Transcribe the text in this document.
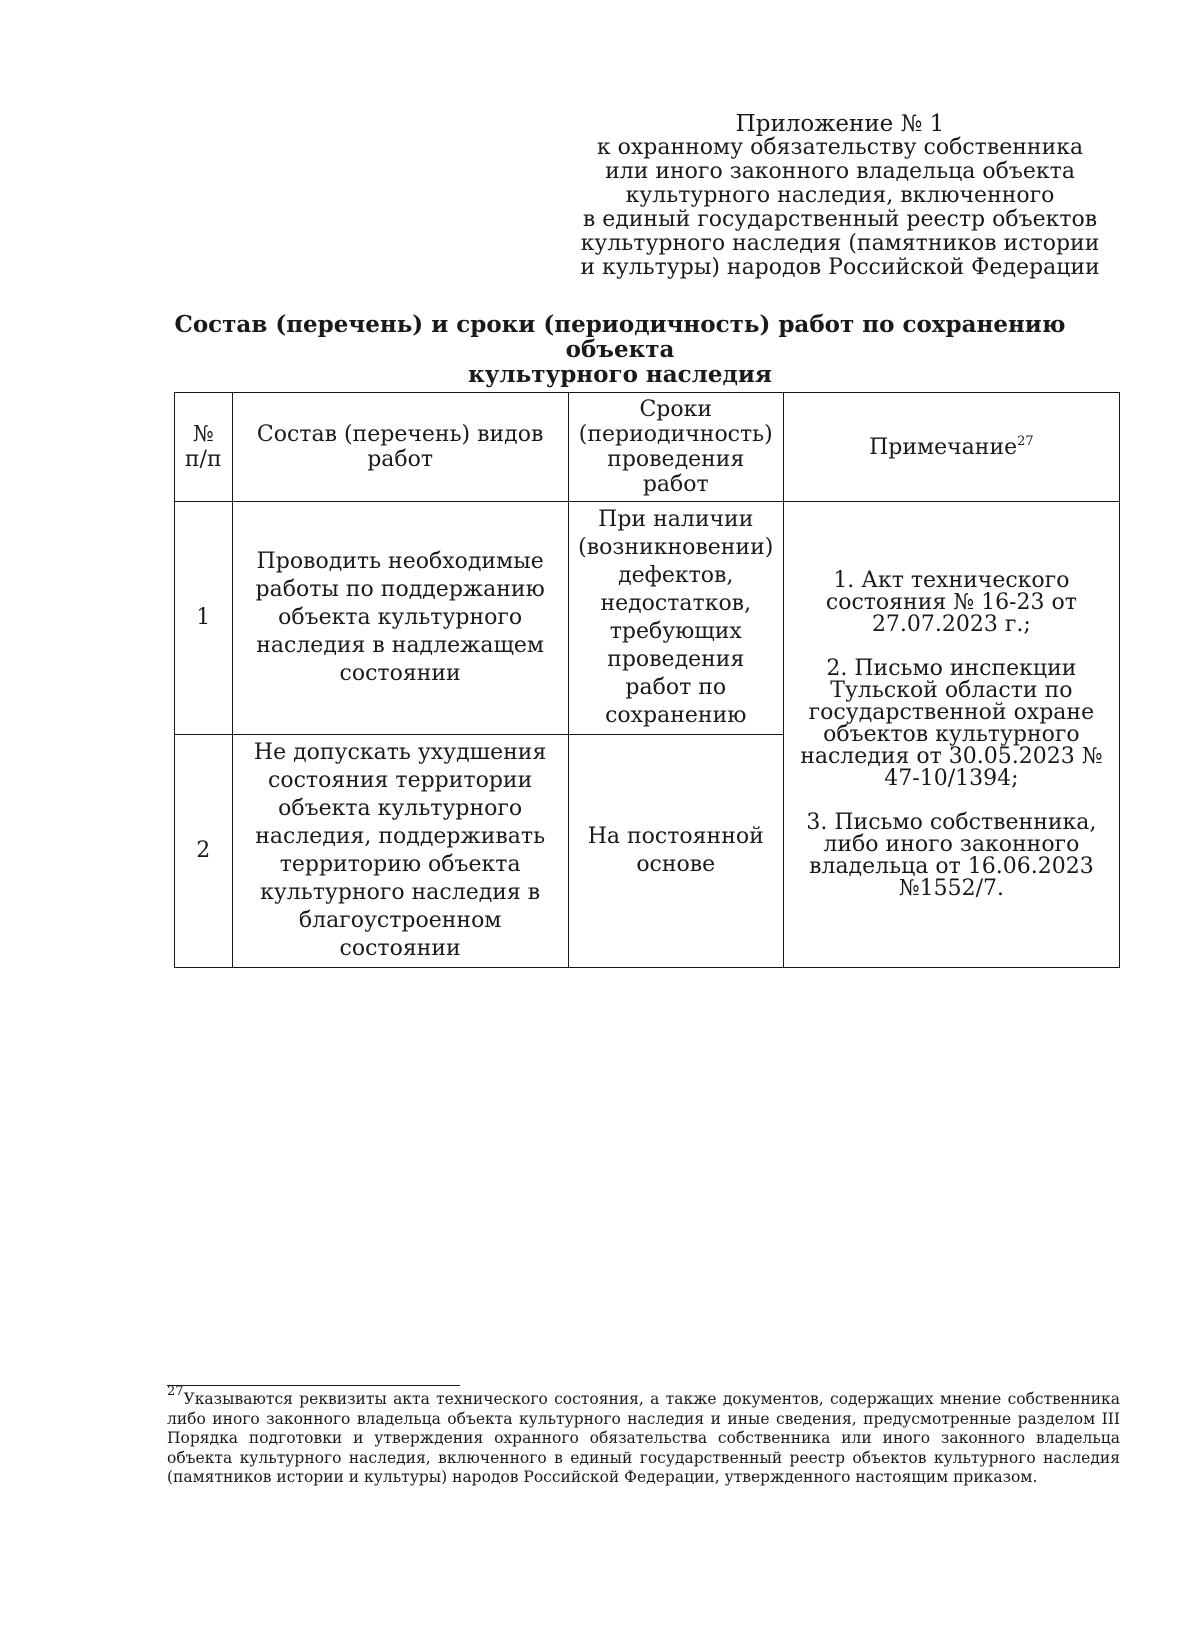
Приложение № 1
к охранному обязательству собственника
или иного законного владельца объекта
культурного наследия, включенного
в единый государственный реестр объектов
культурного наследия (памятников истории
и культуры) народов Российской Федерации
Состав (перечень) и сроки (периодичность) работ по сохранению объекта
культурного наследия
№ п/п	Состав (перечень) видов работ	Сроки (периодичность) проведения работ	Примечание$^{27}$
1	Проводить необходимые работы по поддержанию объекта культурного наследия в надлежащем состоянии	При наличии (возникновении) дефектов, недостатков, требующих проведения работ по сохранению	1. Акт технического состояния № 16-23 от 27.07.2023 г.;

2. Письмо инспекции Тульской области по государственной охране объектов культурного наследия от 30.05.2023 № 47-10/1394;

3. Письмо собственника, либо иного законного владельца от 16.06.2023 №1552/7.

2	Не допускать ухудшения состояния территории объекта культурного наследия, поддерживать территорию объекта культурного наследия в благоустроенном состоянии	На постоянной основе	
$^{27}$Указываются реквизиты акта технического состояния, а также документов, содержащих мнение собственника либо иного законного владельца объекта культурного наследия и иные сведения, предусмотренные разделом III Порядка подготовки и утверждения охранного обязательства собственника или иного законного владельца объекта культурного наследия, включенного в единый государственный реестр объектов культурного наследия (памятников истории и культуры) народов Российской Федерации, утвержденного настоящим приказом.
